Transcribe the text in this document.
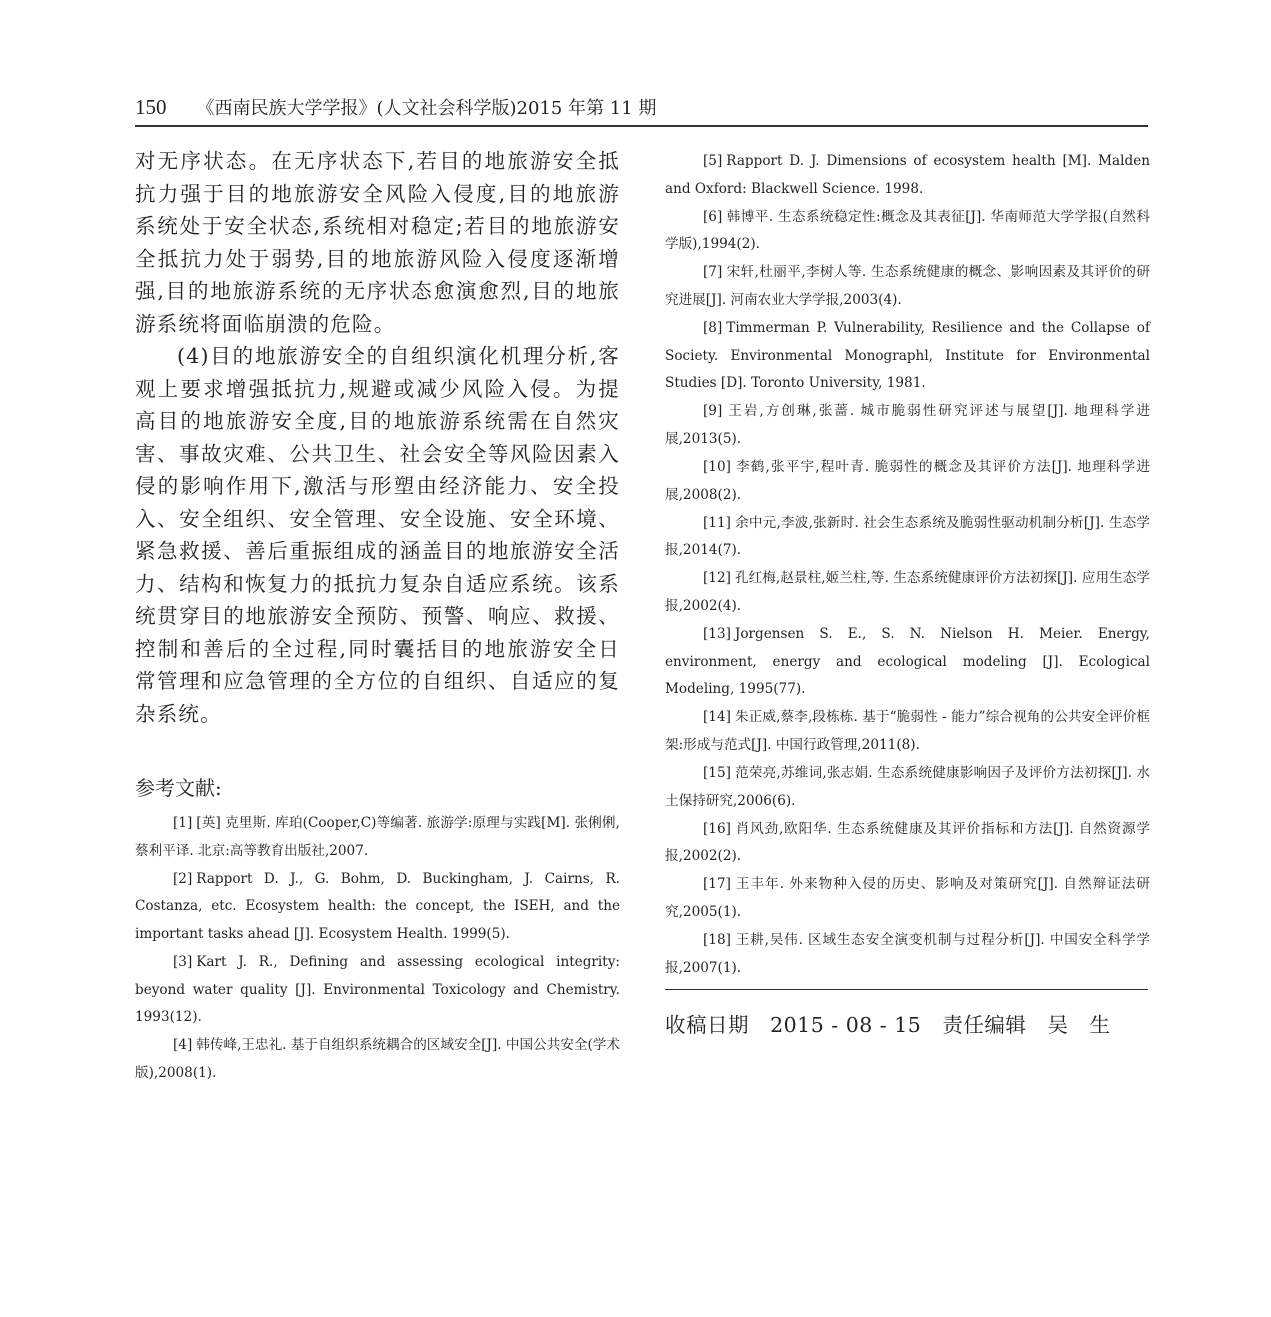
150 《西南民族大学学报》(人文社会科学版)2015 年第 11 期

对无序状态。在无序状态下,若目的地旅游安全抵抗力强于目的地旅游安全风险入侵度,目的地旅游系统处于安全状态,系统相对稳定;若目的地旅游安全抵抗力处于弱势,目的地旅游风险入侵度逐渐增强,目的地旅游系统的无序状态愈演愈烈,目的地旅游系统将面临崩溃的危险。

(4)目的地旅游安全的自组织演化机理分析,客观上要求增强抵抗力,规避或减少风险入侵。为提高目的地旅游安全度,目的地旅游系统需在自然灾害、事故灾难、公共卫生、社会安全等风险因素入侵的影响作用下,激活与形塑由经济能力、安全投入、安全组织、安全管理、安全设施、安全环境、紧急救援、善后重振组成的涵盖目的地旅游安全活力、结构和恢复力的抵抗力复杂自适应系统。该系统贯穿目的地旅游安全预防、预警、响应、救援、控制和善后的全过程,同时囊括目的地旅游安全日常管理和应急管理的全方位的自组织、自适应的复杂系统。

参考文献:

[1] [英] 克里斯. 库珀(Cooper,C)等编著. 旅游学:原理与实践[M]. 张俐俐,蔡利平译. 北京:高等教育出版社,2007.

[2] Rapport D. J., G. Bohm, D. Buckingham, J. Cairns, R. Costanza, etc. Ecosystem health: the concept, the ISEH, and the important tasks ahead [J]. Ecosystem Health. 1999(5).

[3] Kart J. R., Defining and assessing ecological integrity: beyond water quality [J]. Environmental Toxicology and Chemistry. 1993(12).

[4] 韩传峰,王忠礼. 基于自组织系统耦合的区域安全[J]. 中国公共安全(学术版),2008(1).

[5] Rapport D. J. Dimensions of ecosystem health [M]. Malden and Oxford: Blackwell Science. 1998.

[6] 韩博平. 生态系统稳定性:概念及其表征[J]. 华南师范大学学报(自然科学版),1994(2).

[7] 宋轩,杜丽平,李树人等. 生态系统健康的概念、影响因素及其评价的研究进展[J]. 河南农业大学学报,2003(4).

[8] Timmerman P. Vulnerability, Resilience and the Collapse of Society. Environmental Monographl, Institute for Environmental Studies [D]. Toronto University, 1981.

[9] 王岩,方创琳,张蔷. 城市脆弱性研究评述与展望[J]. 地理科学进展,2013(5).

[10] 李鹤,张平宇,程叶青. 脆弱性的概念及其评价方法[J]. 地理科学进展,2008(2).

[11] 余中元,李波,张新时. 社会生态系统及脆弱性驱动机制分析[J]. 生态学报,2014(7).

[12] 孔红梅,赵景柱,姬兰柱,等. 生态系统健康评价方法初探[J]. 应用生态学报,2002(4).

[13] Jorgensen S. E., S. N. Nielson H. Meier. Energy, environment, energy and ecological modeling [J]. Ecological Modeling, 1995(77).

[14] 朱正威,蔡李,段栋栋. 基于“脆弱性 - 能力”综合视角的公共安全评价框架:形成与范式[J]. 中国行政管理,2011(8).

[15] 范荣亮,苏维词,张志娟. 生态系统健康影响因子及评价方法初探[J]. 水土保持研究,2006(6).

[16] 肖风劲,欧阳华. 生态系统健康及其评价指标和方法[J]. 自然资源学报,2002(2).

[17] 王丰年. 外来物种入侵的历史、影响及对策研究[J]. 自然辩证法研究,2005(1).

[18] 王耕,吴伟. 区域生态安全演变机制与过程分析[J]. 中国安全科学学报,2007(1).

收稿日期 2015 - 08 - 15 责任编辑 吴　生
